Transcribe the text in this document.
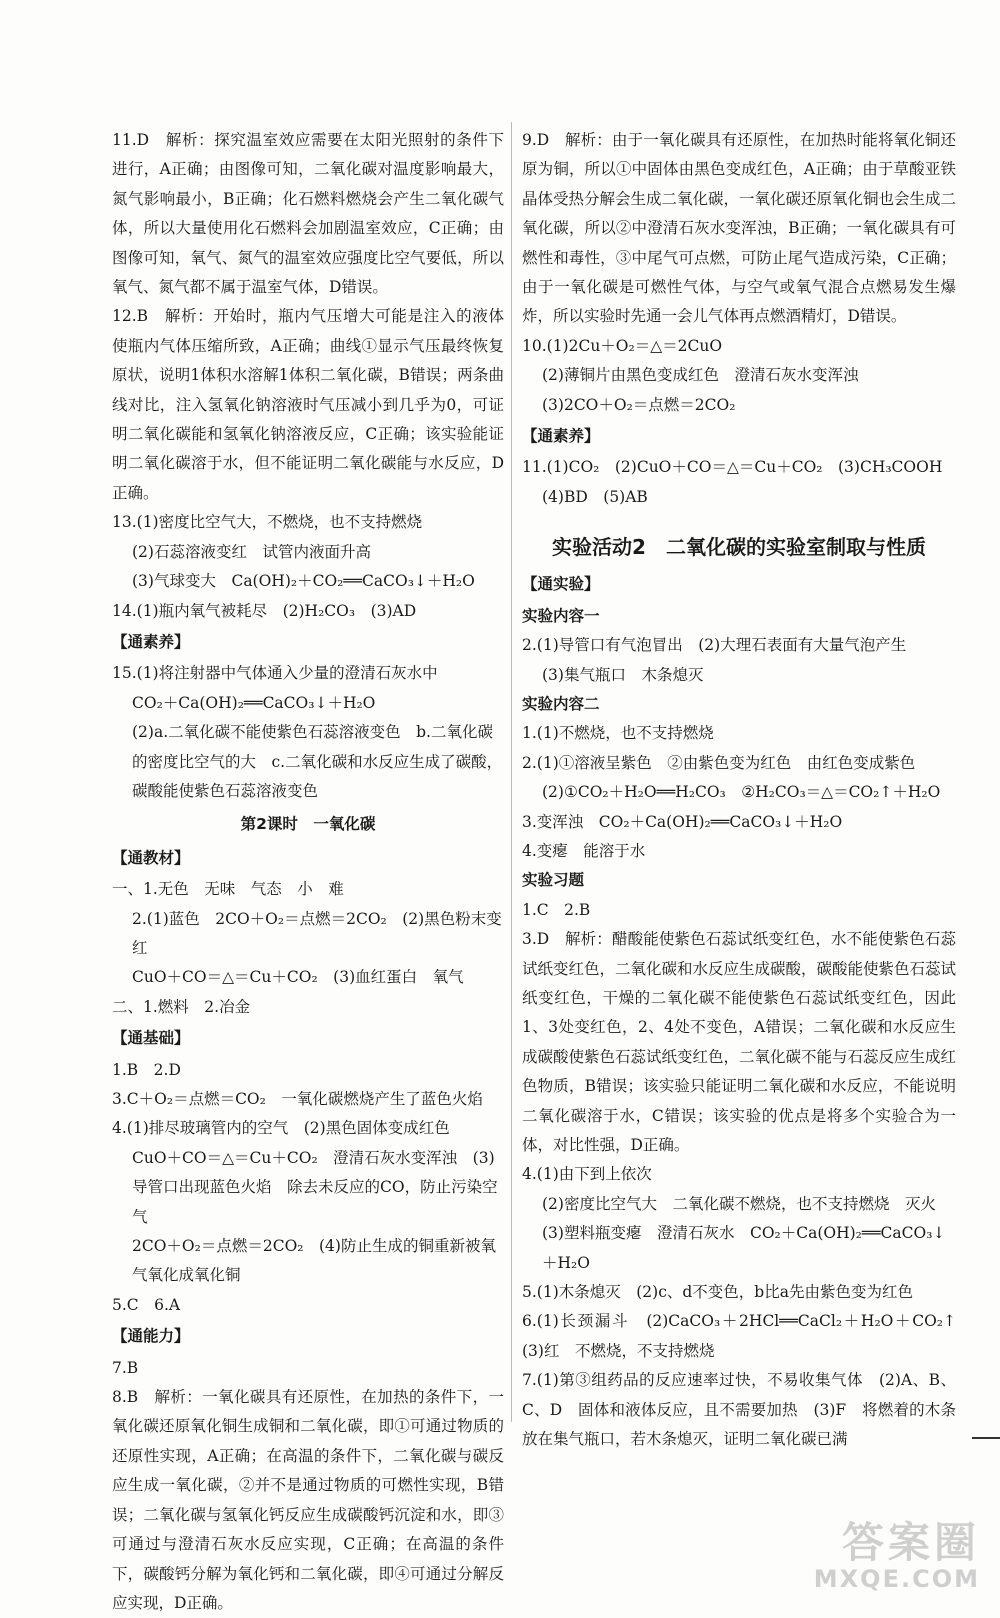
11.D　解析：探究温室效应需要在太阳光照射的条件下进行，A正确；由图像可知，二氧化碳对温度影响最大，氮气影响最小，B正确；化石燃料燃烧会产生二氧化碳气体，所以大量使用化石燃料会加剧温室效应，C正确；由图像可知，氧气、氮气的温室效应强度比空气要低，所以氧气、氮气都不属于温室气体，D错误。
12.B　解析：开始时，瓶内气压增大可能是注入的液体使瓶内气体压缩所致，A正确；曲线①显示气压最终恢复原状，说明1体积水溶解1体积二氧化碳，B错误；两条曲线对比，注入氢氧化钠溶液时气压减小到几乎为0，可证明二氧化碳能和氢氧化钠溶液反应，C正确；该实验能证明二氧化碳溶于水，但不能证明二氧化碳能与水反应，D正确。
13.(1)密度比空气大，不燃烧，也不支持燃烧
(2)石蕊溶液变红　试管内液面升高
(3)气球变大　Ca(OH)₂＋CO₂══CaCO₃↓＋H₂O
14.(1)瓶内氧气被耗尽　(2)H₂CO₃　(3)AD
【通素养】
15.(1)将注射器中气体通入少量的澄清石灰水中
CO₂＋Ca(OH)₂══CaCO₃↓＋H₂O
(2)a.二氧化碳不能使紫色石蕊溶液变色　b.二氧化碳的密度比空气的大　c.二氧化碳和水反应生成了碳酸，碳酸能使紫色石蕊溶液变色
第2课时　一氧化碳
【通教材】
一、1.无色　无味　气态　小　难
2.(1)蓝色　2CO＋O₂＝点燃＝2CO₂　(2)黑色粉末变红
CuO＋CO＝△＝Cu＋CO₂　(3)血红蛋白　氧气
二、1.燃料　2.冶金
【通基础】
1.B　2.D
3.C＋O₂＝点燃＝CO₂　一氧化碳燃烧产生了蓝色火焰
4.(1)排尽玻璃管内的空气　(2)黑色固体变成红色
CuO＋CO＝△＝Cu＋CO₂　澄清石灰水变浑浊　(3)导管口出现蓝色火焰　除去未反应的CO，防止污染空气
2CO＋O₂＝点燃＝2CO₂　(4)防止生成的铜重新被氧气氧化成氧化铜
5.C　6.A
【通能力】
7.B
8.B　解析：一氧化碳具有还原性，在加热的条件下，一氧化碳还原氧化铜生成铜和二氧化碳，即①可通过物质的还原性实现，A正确；在高温的条件下，二氧化碳与碳反应生成一氧化碳，②并不是通过物质的可燃性实现，B错误；二氧化碳与氢氧化钙反应生成碳酸钙沉淀和水，即③可通过与澄清石灰水反应实现，C正确；在高温的条件下，碳酸钙分解为氧化钙和二氧化碳，即④可通过分解反应实现，D正确。
9.D　解析：由于一氧化碳具有还原性，在加热时能将氧化铜还原为铜，所以①中固体由黑色变成红色，A正确；由于草酸亚铁晶体受热分解会生成二氧化碳，一氧化碳还原氧化铜也会生成二氧化碳，所以②中澄清石灰水变浑浊，B正确；一氧化碳具有可燃性和毒性，③中尾气可点燃，可防止尾气造成污染，C正确；由于一氧化碳是可燃性气体，与空气或氧气混合点燃易发生爆炸，所以实验时先通一会儿气体再点燃酒精灯，D错误。
10.(1)2Cu＋O₂＝△＝2CuO
(2)薄铜片由黑色变成红色　澄清石灰水变浑浊
(3)2CO＋O₂＝点燃＝2CO₂
【通素养】
11.(1)CO₂　(2)CuO＋CO＝△＝Cu＋CO₂　(3)CH₃COOH
(4)BD　(5)AB
实验活动2　二氧化碳的实验室制取与性质
【通实验】
实验内容一
2.(1)导管口有气泡冒出　(2)大理石表面有大量气泡产生
(3)集气瓶口　木条熄灭
实验内容二
1.(1)不燃烧，也不支持燃烧
2.(1)①溶液呈紫色　②由紫色变为红色　由红色变成紫色
(2)①CO₂＋H₂O══H₂CO₃　②H₂CO₃＝△＝CO₂↑＋H₂O
3.变浑浊　CO₂＋Ca(OH)₂══CaCO₃↓＋H₂O
4.变瘪　能溶于水
实验习题
1.C　2.B
3.D　解析：醋酸能使紫色石蕊试纸变红色，水不能使紫色石蕊试纸变红色，二氧化碳和水反应生成碳酸，碳酸能使紫色石蕊试纸变红色，干燥的二氧化碳不能使紫色石蕊试纸变红色，因此1、3处变红色，2、4处不变色，A错误；二氧化碳和水反应生成碳酸使紫色石蕊试纸变红色，二氧化碳不能与石蕊反应生成红色物质，B错误；该实验只能证明二氧化碳和水反应，不能说明二氧化碳溶于水，C错误；该实验的优点是将多个实验合为一体，对比性强，D正确。
4.(1)由下到上依次
(2)密度比空气大　二氧化碳不燃烧，也不支持燃烧　灭火
(3)塑料瓶变瘪　澄清石灰水　CO₂＋Ca(OH)₂══CaCO₃↓＋H₂O
5.(1)木条熄灭　(2)c、d不变色，b比a先由紫色变为红色
6.(1)长颈漏斗　(2)CaCO₃＋2HCl══CaCl₂＋H₂O＋CO₂↑　(3)红　不燃烧，不支持燃烧
7.(1)第③组药品的反应速率过快，不易收集气体　(2)A、B、C、D　固体和液体反应，且不需要加热　(3)F　将燃着的木条放在集气瓶口，若木条熄灭，证明二氧化碳已满
答案圈
MXQE.COM
